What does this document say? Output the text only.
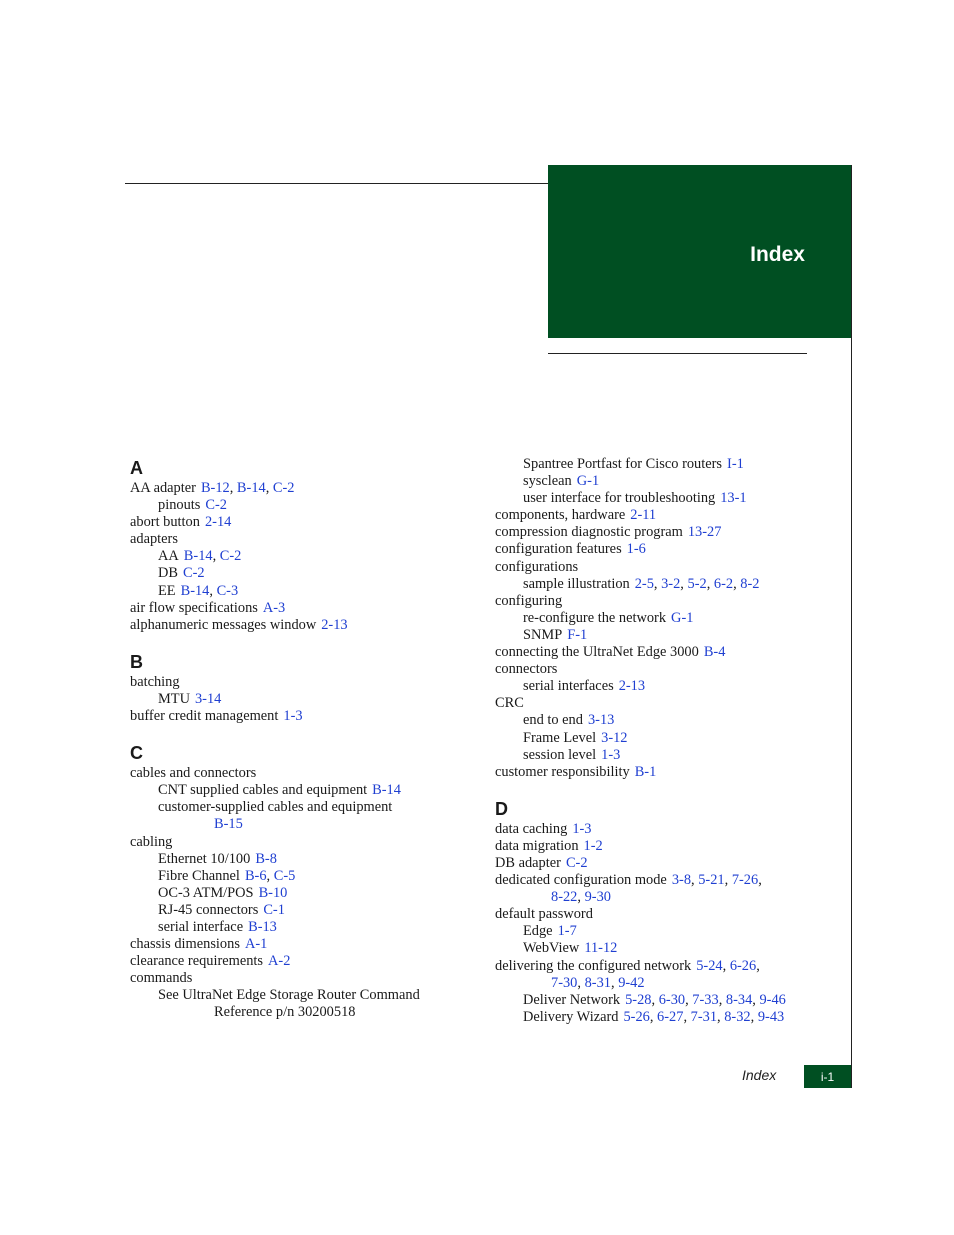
Index
A
AA adapter B-12, B-14, C-2
pinouts C-2
abort button 2-14
adapters
AA B-14, C-2
DB C-2
EE B-14, C-3
air flow specifications A-3
alphanumeric messages window 2-13
B
batching
MTU 3-14
buffer credit management 1-3
C
cables and connectors
CNT supplied cables and equipment B-14
customer-supplied cables and equipment
B-15
cabling
Ethernet 10/100 B-8
Fibre Channel B-6, C-5
OC-3 ATM/POS B-10
RJ-45 connectors C-1
serial interface B-13
chassis dimensions A-1
clearance requirements A-2
commands
See UltraNet Edge Storage Router Command
Reference p/n 30200518
Spantree Portfast for Cisco routers I-1
sysclean G-1
user interface for troubleshooting 13-1
components, hardware 2-11
compression diagnostic program 13-27
configuration features 1-6
configurations
sample illustration 2-5, 3-2, 5-2, 6-2, 8-2
configuring
re-configure the network G-1
SNMP F-1
connecting the UltraNet Edge 3000 B-4
connectors
serial interfaces 2-13
CRC
end to end 3-13
Frame Level 3-12
session level 1-3
customer responsibility B-1
D
data caching 1-3
data migration 1-2
DB adapter C-2
dedicated configuration mode 3-8, 5-21, 7-26,
8-22, 9-30
default password
Edge 1-7
WebView 11-12
delivering the configured network 5-24, 6-26,
7-30, 8-31, 9-42
Deliver Network 5-28, 6-30, 7-33, 8-34, 9-46
Delivery Wizard 5-26, 6-27, 7-31, 8-32, 9-43
Index	i-1
